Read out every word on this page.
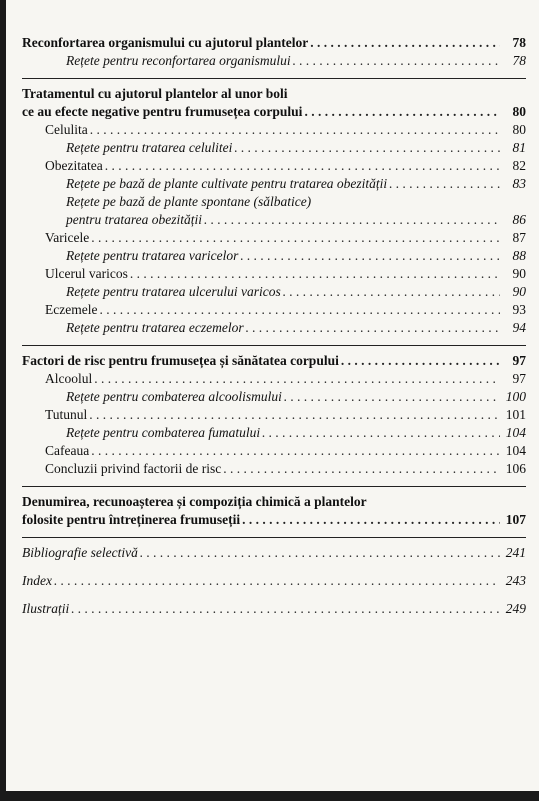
Reconfortarea organismului cu ajutorul plantelor . . .	78
Rețete pentru reconfortarea organismului . . .	78
Tratamentul cu ajutorul plantelor al unor boli
ce au efecte negative pentru frumusețea corpului . . .	80
Celulita . . .	80
Rețete pentru tratarea celulitei . . .	81
Obezitatea . . .	82
Rețete pe bază de plante cultivate pentru tratarea obezității . . .	83
Rețete pe bază de plante spontane (sălbatice)
pentru tratarea obezității . . .	86
Varicele . . .	87
Rețete pentru tratarea varicelor . . .	88
Ulcerul varicos . . .	90
Rețete pentru tratarea ulcerului varicos . . .	90
Eczemele . . .	93
Rețete pentru tratarea eczemelor . . .	94
Factori de risc pentru frumusețea și sănătatea corpului . . .	97
Alcoolul . . .	97
Rețete pentru combaterea alcoolismului . . .	100
Tutunul . . .	101
Rețete pentru combaterea fumatului . . .	104
Cafeaua . . .	104
Concluzii privind factorii de risc . . .	106
Denumirea, recunoașterea și compoziția chimică a plantelor
folosite pentru întreținerea frumuseții . . .	107
Bibliografie selectivă . . .	241
Index . . .	243
Ilustrații . . .	249
